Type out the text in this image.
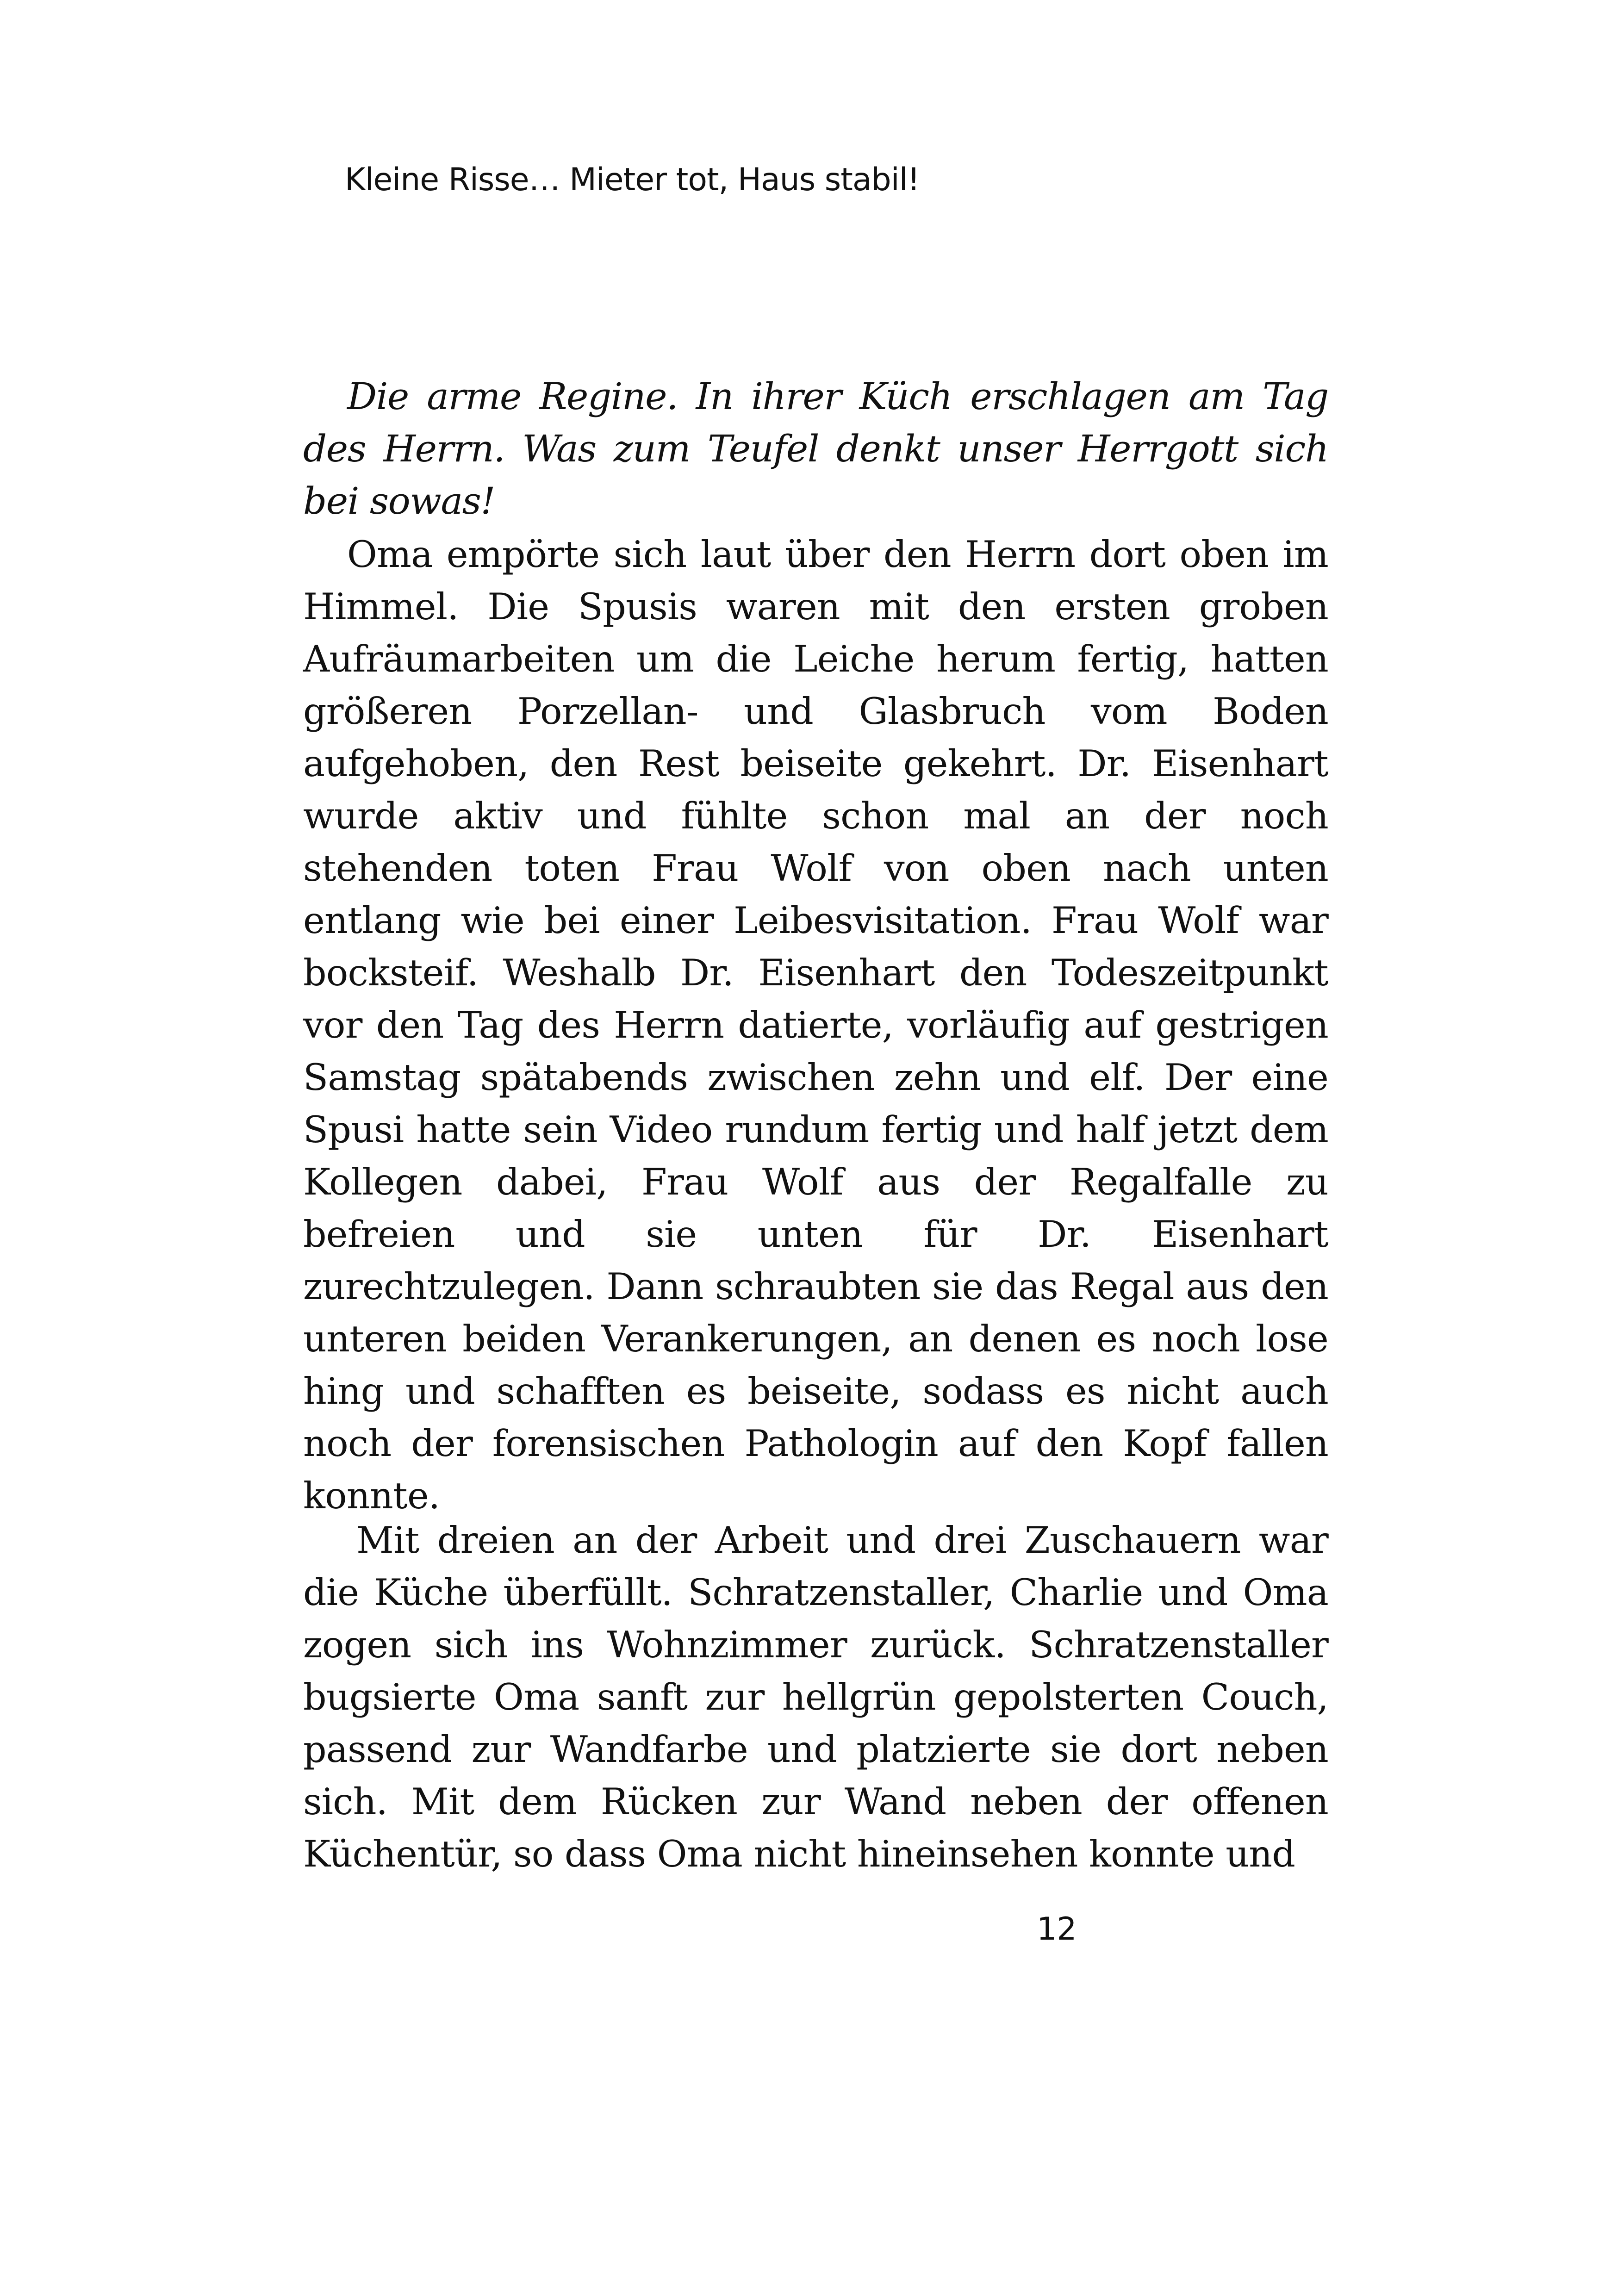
Kleine Risse… Mieter tot, Haus stabil!

Die arme Regine. In ihrer Küch erschlagen am Tag des Herrn. Was zum Teufel denkt unser Herrgott sich bei sowas!

Oma empörte sich laut über den Herrn dort oben im Himmel. Die Spusis waren mit den ersten groben Aufräumarbeiten um die Leiche herum fertig, hatten größeren Porzellan- und Glasbruch vom Boden aufgehoben, den Rest beiseite gekehrt. Dr. Eisenhart wurde aktiv und fühlte schon mal an der noch stehenden toten Frau Wolf von oben nach unten entlang wie bei einer Leibesvisitation. Frau Wolf war bocksteif. Weshalb Dr. Eisenhart den Todeszeitpunkt vor den Tag des Herrn datierte, vorläufig auf gestrigen Samstag spätabends zwischen zehn und elf. Der eine Spusi hatte sein Video rundum fertig und half jetzt dem Kollegen dabei, Frau Wolf aus der Regalfalle zu befreien und sie unten für Dr. Eisenhart zurechtzulegen. Dann schraubten sie das Regal aus den unteren beiden Verankerungen, an denen es noch lose hing und schafften es beiseite, sodass es nicht auch noch der forensischen Pathologin auf den Kopf fallen konnte.

Mit dreien an der Arbeit und drei Zuschauern war die Küche überfüllt. Schratzenstaller, Charlie und Oma zogen sich ins Wohnzimmer zurück. Schratzenstaller bugsierte Oma sanft zur hellgrün gepolsterten Couch, passend zur Wandfarbe und platzierte sie dort neben sich. Mit dem Rücken zur Wand neben der offenen Küchentür, so dass Oma nicht hineinsehen konnte und

12
